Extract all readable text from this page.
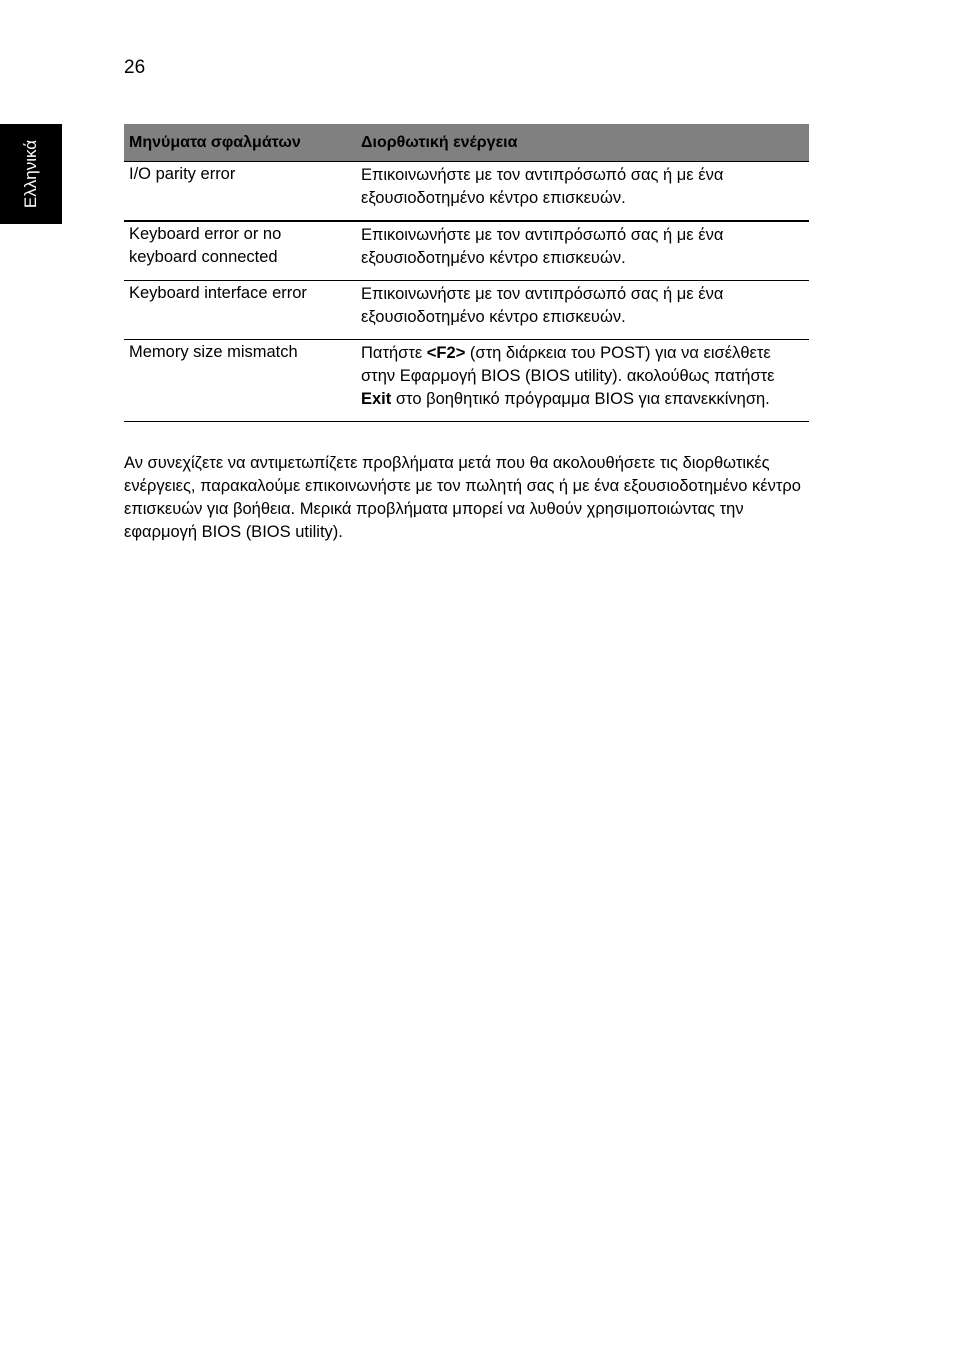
26
Ελληνικά	Μηνύματα σφαλμάτων	Διορθωτική ενέργεια
I/O parity error	Επικοινωνήστε με τον αντιπρόσωπό σας ή με ένα εξουσιοδοτημένο κέντρο επισκευών.
Keyboard error or no keyboard connected	Επικοινωνήστε με τον αντιπρόσωπό σας ή με ένα εξουσιοδοτημένο κέντρο επισκευών.
Keyboard interface error	Επικοινωνήστε με τον αντιπρόσωπό σας ή με ένα εξουσιοδοτημένο κέντρο επισκευών.
Memory size mismatch	Πατήστε <F2> (στη διάρκεια του POST) για να εισέλθετε στην Εφαρμογή BIOS (BIOS utility). ακολούθως πατήστε Exit στο βοηθητικό πρόγραμμα BIOS για επανεκκίνηση.

Αν συνεχίζετε να αντιμετωπίζετε προβλήματα μετά που θα ακολουθήσετε τις διορθωτικές ενέργειες, παρακαλούμε επικοινωνήστε με τον πωλητή σας ή με ένα εξουσιοδοτημένο κέντρο επισκευών για βοήθεια. Μερικά προβλήματα μπορεί να λυθούν χρησιμοποιώντας την εφαρμογή BIOS (BIOS utility).
